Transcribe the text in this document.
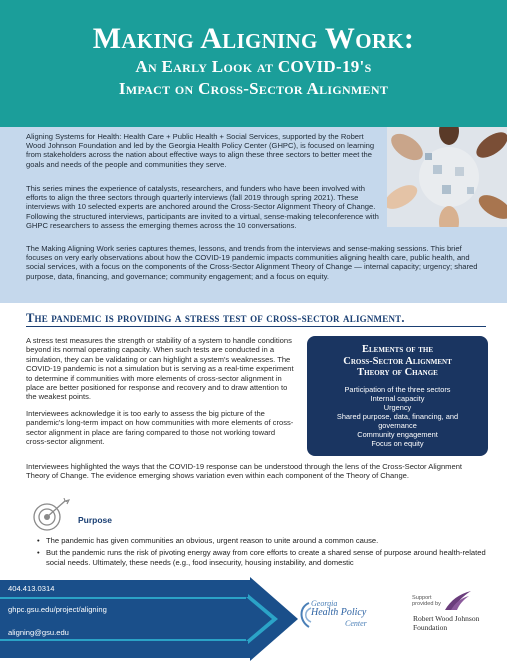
Making Aligning Work:
An Early Look at COVID-19's
Impact on Cross-Sector Alignment

Aligning Systems for Health: Health Care + Public Health + Social Services, supported by the Robert Wood Johnson Foundation and led by the Georgia Health Policy Center (GHPC), is focused on learning from stakeholders across the nation about effective ways to align these three sectors to better meet the goals and needs of the people and communities they serve.

This series mines the experience of catalysts, researchers, and funders who have been involved with efforts to align the three sectors through quarterly interviews (fall 2019 through spring 2021). These interviews with 10 selected experts are anchored around the Cross-Sector Alignment Theory of Change. Following the structured interviews, participants are invited to a virtual, sense-making teleconference with GHPC researchers to assess the emerging themes across the 10 conversations.

The Making Aligning Work series captures themes, lessons, and trends from the interviews and sense-making sessions. This brief focuses on very early observations about how the COVID-19 pandemic impacts communities aligning health care, public health, and social services, with a focus on the components of the Cross-Sector Alignment Theory of Change — internal capacity; urgency; shared purpose, data, financing, and governance; community engagement; and a focus on equity.

The pandemic is providing a stress test of cross-sector alignment.

A stress test measures the strength or stability of a system to handle conditions beyond its normal operating capacity. When such tests are conducted in a simulation, they can be validating or can highlight a system's weaknesses. The COVID-19 pandemic is not a simulation but is serving as a real-time experiment to determine if communities with more elements of cross-sector alignment in place are better positioned for response and recovery and to draw attention to the weakest points.

Interviewees acknowledge it is too early to assess the big picture of the pandemic's long-term impact on how communities with more elements of cross-sector alignment in place are faring compared to those not working toward cross-sector alignment.

Interviewees highlighted the ways that the COVID-19 response can be understood through the lens of the Cross-Sector Alignment Theory of Change. The evidence emerging shows variation even within each component of the Theory of Change.

Elements of the
Cross-Sector Alignment
Theory of Change
Participation of the three sectors
Internal capacity
Urgency
Shared purpose, data, financing, and
governance
Community engagement
Focus on equity
Purpose
• The pandemic has given communities an obvious, urgent reason to unite around a common cause.
• But the pandemic runs the risk of pivoting energy away from core efforts to create a shared sense of purpose around health-related social needs. Ultimately, these needs (e.g., food insecurity, housing instability, and domestic
404.413.0314
ghpc.gsu.edu/project/aligning
aligning@gsu.edu
Georgia
Health Policy
Center
Support
provided by
Robert Wood Johnson
Foundation
